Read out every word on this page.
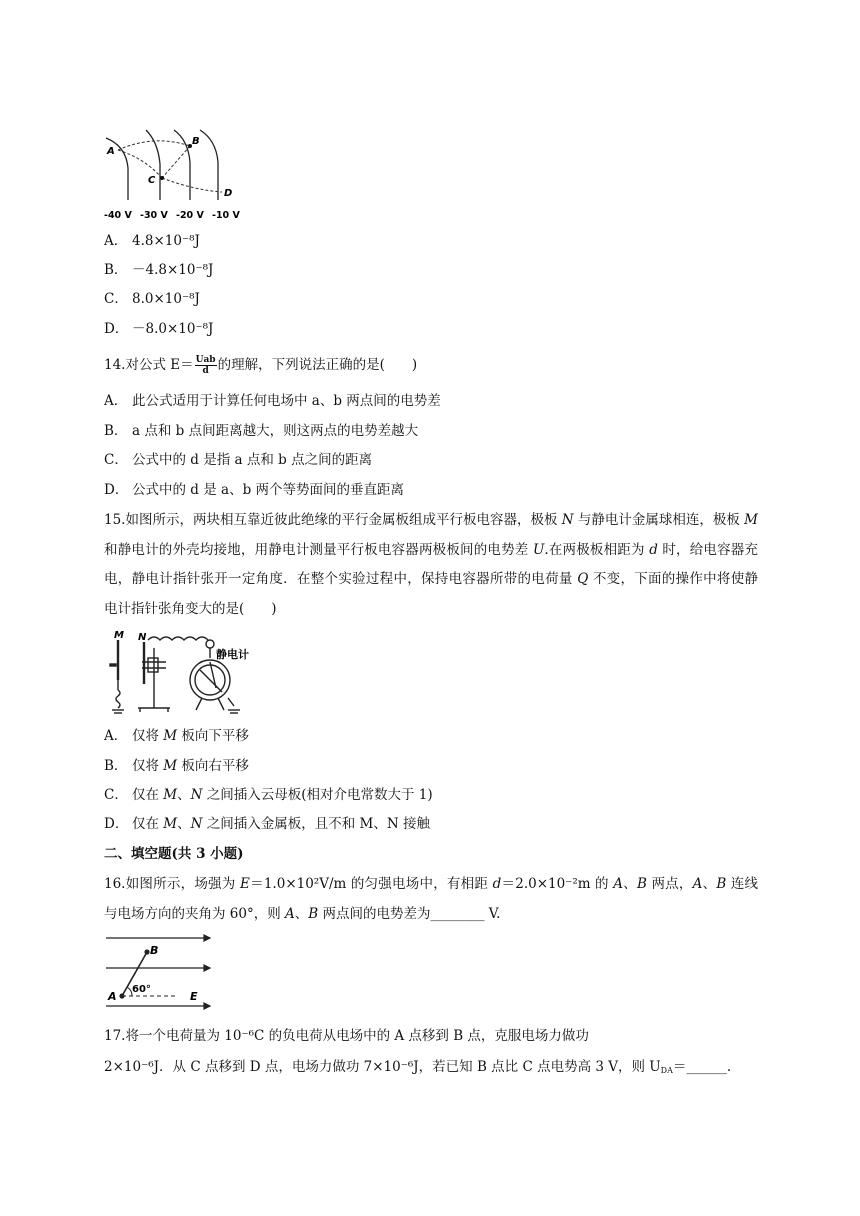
A
B
C
D
-40 V -30 V -20 V -10 V
A． 4.8×10⁻⁸J
B． －4.8×10⁻⁸J
C． 8.0×10⁻⁸J
D． －8.0×10⁻⁸J
14.对公式 $E= \frac{\text{Uab}}{d}$ 的理解，下列说法正确的是(　　)
A． 此公式适用于计算任何电场中 a、b 两点间的电势差
B． a 点和 b 点间距离越大，则这两点的电势差越大
C． 公式中的 d 是指 a 点和 b 点之间的距离
D． 公式中的 d 是 a、b 两个等势面间的垂直距离
15.如图所示，两块相互靠近彼此绝缘的平行金属板组成平行板电容器，极板 N 与静电计金属球相连，极板 M 和静电计的外壳均接地，用静电计测量平行板电容器两极板间的电势差 U.在两极板相距为 d 时，给电容器充电，静电计指针张开一定角度．在整个实验过程中，保持电容器所带的电荷量 Q 不变，下面的操作中将使静电计指针张角变大的是(　　)
M N
静电计
A． 仅将 M 板向下平移
B． 仅将 M 板向右平移
C． 仅在 M、N 之间插入云母板(相对介电常数大于 1)
D． 仅在 M、N 之间插入金属板，且不和 M、N 接触
二、填空题(共 3 小题)
16.如图所示，场强为 E＝1.0×10²V/m 的匀强电场中，有相距 d＝2.0×10⁻²m 的 A、B 两点，A、B 连线与电场方向的夹角为 60°，则 A、B 两点间的电势差为________ V.
A
B
60°
E
17.将一个电荷量为 10⁻⁶C 的负电荷从电场中的 A 点移到 B 点，克服电场力做功
2×10⁻⁶J．从 C 点移到 D 点，电场力做功 7×10⁻⁶J，若已知 B 点比 C 点电势高 3 V，则 $U_{DA}=\_\_\_\_\_\_$.
